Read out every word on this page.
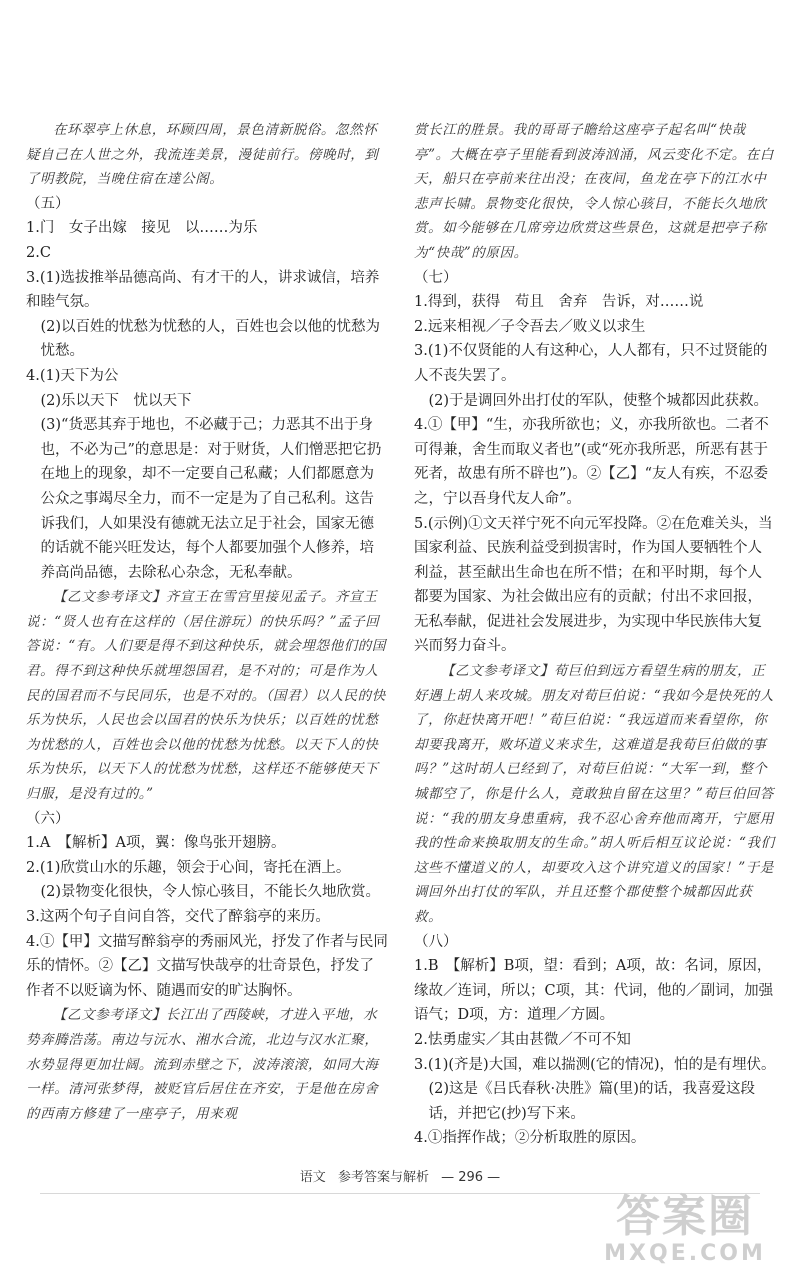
在环翠亭上休息，环顾四周，景色清新脱俗。忽然怀疑自己在人世之外，我流连美景，漫徒前行。傍晚时，到了明教院，当晚住宿在達公阁。

（五）

1.门　女子出嫁　接见　以……为乐

2.C

3.(1)选拔推举品德高尚、有才干的人，讲求诚信，培养和睦气氛。

(2)以百姓的忧愁为忧愁的人，百姓也会以他的忧愁为忧愁。

4.(1)天下为公

(2)乐以天下　忧以天下

(3)“货恶其弃于地也，不必藏于己；力恶其不出于身也，不必为己”的意思是：对于财货，人们憎恶把它扔在地上的现象，却不一定要自己私藏；人们都愿意为公众之事竭尽全力，而不一定是为了自己私利。这告诉我们，人如果没有德就无法立足于社会，国家无德的话就不能兴旺发达，每个人都要加强个人修养，培养高尚品德，去除私心杂念，无私奉献。

【乙文参考译文】齐宣王在雪宫里接见孟子。齐宣王说：“贤人也有在这样的（居住游玩）的快乐吗？”孟子回答说：“有。人们要是得不到这种快乐，就会埋怨他们的国君。得不到这种快乐就埋怨国君，是不对的；可是作为人民的国君而不与民同乐，也是不对的。（国君）以人民的快乐为快乐，人民也会以国君的快乐为快乐；以百姓的忧愁为忧愁的人，百姓也会以他的忧愁为忧愁。以天下人的快乐为快乐，以天下人的忧愁为忧愁，这样还不能够使天下归服，是没有过的。”

（六）

1.A　【解析】A项，翼：像鸟张开翅膀。

2.(1)欣赏山水的乐趣，领会于心间，寄托在酒上。

(2)景物变化很快，令人惊心骇目，不能长久地欣赏。

3.这两个句子自问自答，交代了醉翁亭的来历。

4.①【甲】文描写醉翁亭的秀丽风光，抒发了作者与民同乐的情怀。②【乙】文描写快哉亭的壮奇景色，抒发了作者不以贬谪为怀、随遇而安的旷达胸怀。

【乙文参考译文】长江出了西陵峡，才进入平地，水势奔腾浩荡。南边与沅水、湘水合流，北边与汉水汇聚，水势显得更加壮阔。流到赤壁之下，波涛滚滚，如同大海一样。清河张梦得，被贬官后居住在齐安，于是他在房舍的西南方修建了一座亭子，用来观

赏长江的胜景。我的哥哥子瞻给这座亭子起名叫“快哉亭”。大概在亭子里能看到波涛汹涌，风云变化不定。在白天，船只在亭前来往出没；在夜间，鱼龙在亭下的江水中悲声长啸。景物变化很快，令人惊心骇目，不能长久地欣赏。如今能够在几席旁边欣赏这些景色，这就是把亭子称为“快哉”的原因。

（七）

1.得到，获得　苟且　舍弃　告诉，对……说

2.远来相视／子令吾去／败义以求生

3.(1)不仅贤能的人有这种心，人人都有，只不过贤能的人不丧失罢了。

(2)于是调回外出打仗的军队，使整个城都因此获救。

4.①【甲】“生，亦我所欲也；义，亦我所欲也。二者不可得兼，舍生而取义者也”(或“死亦我所恶，所恶有甚于死者，故患有所不辟也”)。②【乙】“友人有疾，不忍委之，宁以吾身代友人命”。

5.(示例)①文天祥宁死不向元军投降。②在危难关头，当国家利益、民族利益受到损害时，作为国人要牺牲个人利益，甚至献出生命也在所不惜；在和平时期，每个人都要为国家、为社会做出应有的贡献；付出不求回报，无私奉献，促进社会发展进步，为实现中华民族伟大复兴而努力奋斗。

【乙文参考译文】荀巨伯到远方看望生病的朋友，正好遇上胡人来攻城。朋友对荀巨伯说：“我如今是快死的人了，你赶快离开吧！”荀巨伯说：“我远道而来看望你，你却要我离开，败坏道义来求生，这难道是我荀巨伯做的事吗？”这时胡人已经到了，对荀巨伯说：“大军一到，整个城都空了，你是什么人，竟敢独自留在这里？”荀巨伯回答说：“我的朋友身患重病，我不忍心舍弃他而离开，宁愿用我的性命来换取朋友的生命。”胡人听后相互议论说：“我们这些不懂道义的人，却要攻入这个讲究道义的国家！”于是调回外出打仗的军队，并且还整个郡使整个城都因此获救。

（八）

1.B　【解析】B项，望：看到；A项，故：名词，原因，缘故／连词，所以；C项，其：代词，他的／副词，加强语气；D项，方：道理／方圆。

2.怯勇虚实／其由甚微／不可不知

3.(1)(齐是)大国，难以揣测(它的情况)，怕的是有埋伏。

(2)这是《吕氏春秋·决胜》篇(里)的话，我喜爱这段话，并把它(抄)写下来。

4.①指挥作战；②分析取胜的原因。

语文 参考答案与解析 — 296 —
答案圈
MXQE.COM
